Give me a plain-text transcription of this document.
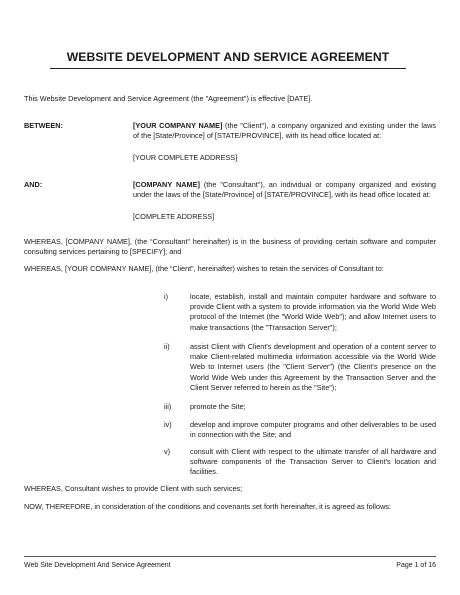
WEBSITE DEVELOPMENT AND SERVICE AGREEMENT
This Website Development and Service Agreement (the "Agreement") is effective [DATE].
BETWEEN:	[YOUR COMPANY NAME] (the "Client"), a company organized and existing under the laws of the [State/Province] of [STATE/PROVINCE], with its head office located at:
[YOUR COMPLETE ADDRESS]
AND:	[COMPANY NAME] (the "Consultant"), an individual or company organized and existing under the laws of the [State/Province] of [STATE/PROVINCE], with its head office located at:
[COMPLETE ADDRESS]
WHEREAS, [COMPANY NAME], (the “Consultant” hereinafter) is in the business of providing certain software and computer consulting services pertaining to [SPECIFY]; and
WHEREAS, [YOUR COMPANY NAME], (the “Client”, hereinafter) wishes to retain the services of Consultant to:
i)	locate, establish, install and maintain computer hardware and software to provide Client with a system to provide information via the World Wide Web protocol of the Internet (the "World Wide Web"); and allow Internet users to make transactions (the "Transaction Server");
ii)	assist Client with Client's development and operation of a content server to make Client-related multimedia information accessible via the World Wide Web to Internet users (the "Client Server") (the Client's presence on the World Wide Web under this Agreement by the Transaction Server and the Client Server referred to herein as the "Site");
iii)	promote the Site;
iv)	develop and improve computer programs and other deliverables to be used in connection with the Site; and
v)	consult with Client with respect to the ultimate transfer of all hardware and software components of the Transaction Server to Client's location and facilities.
WHEREAS, Consultant wishes to provide Client with such services;
NOW, THEREFORE, in consideration of the conditions and covenants set forth hereinafter, it is agreed as follows:
Web Site Development And Service Agreement	Page 1 of 16
